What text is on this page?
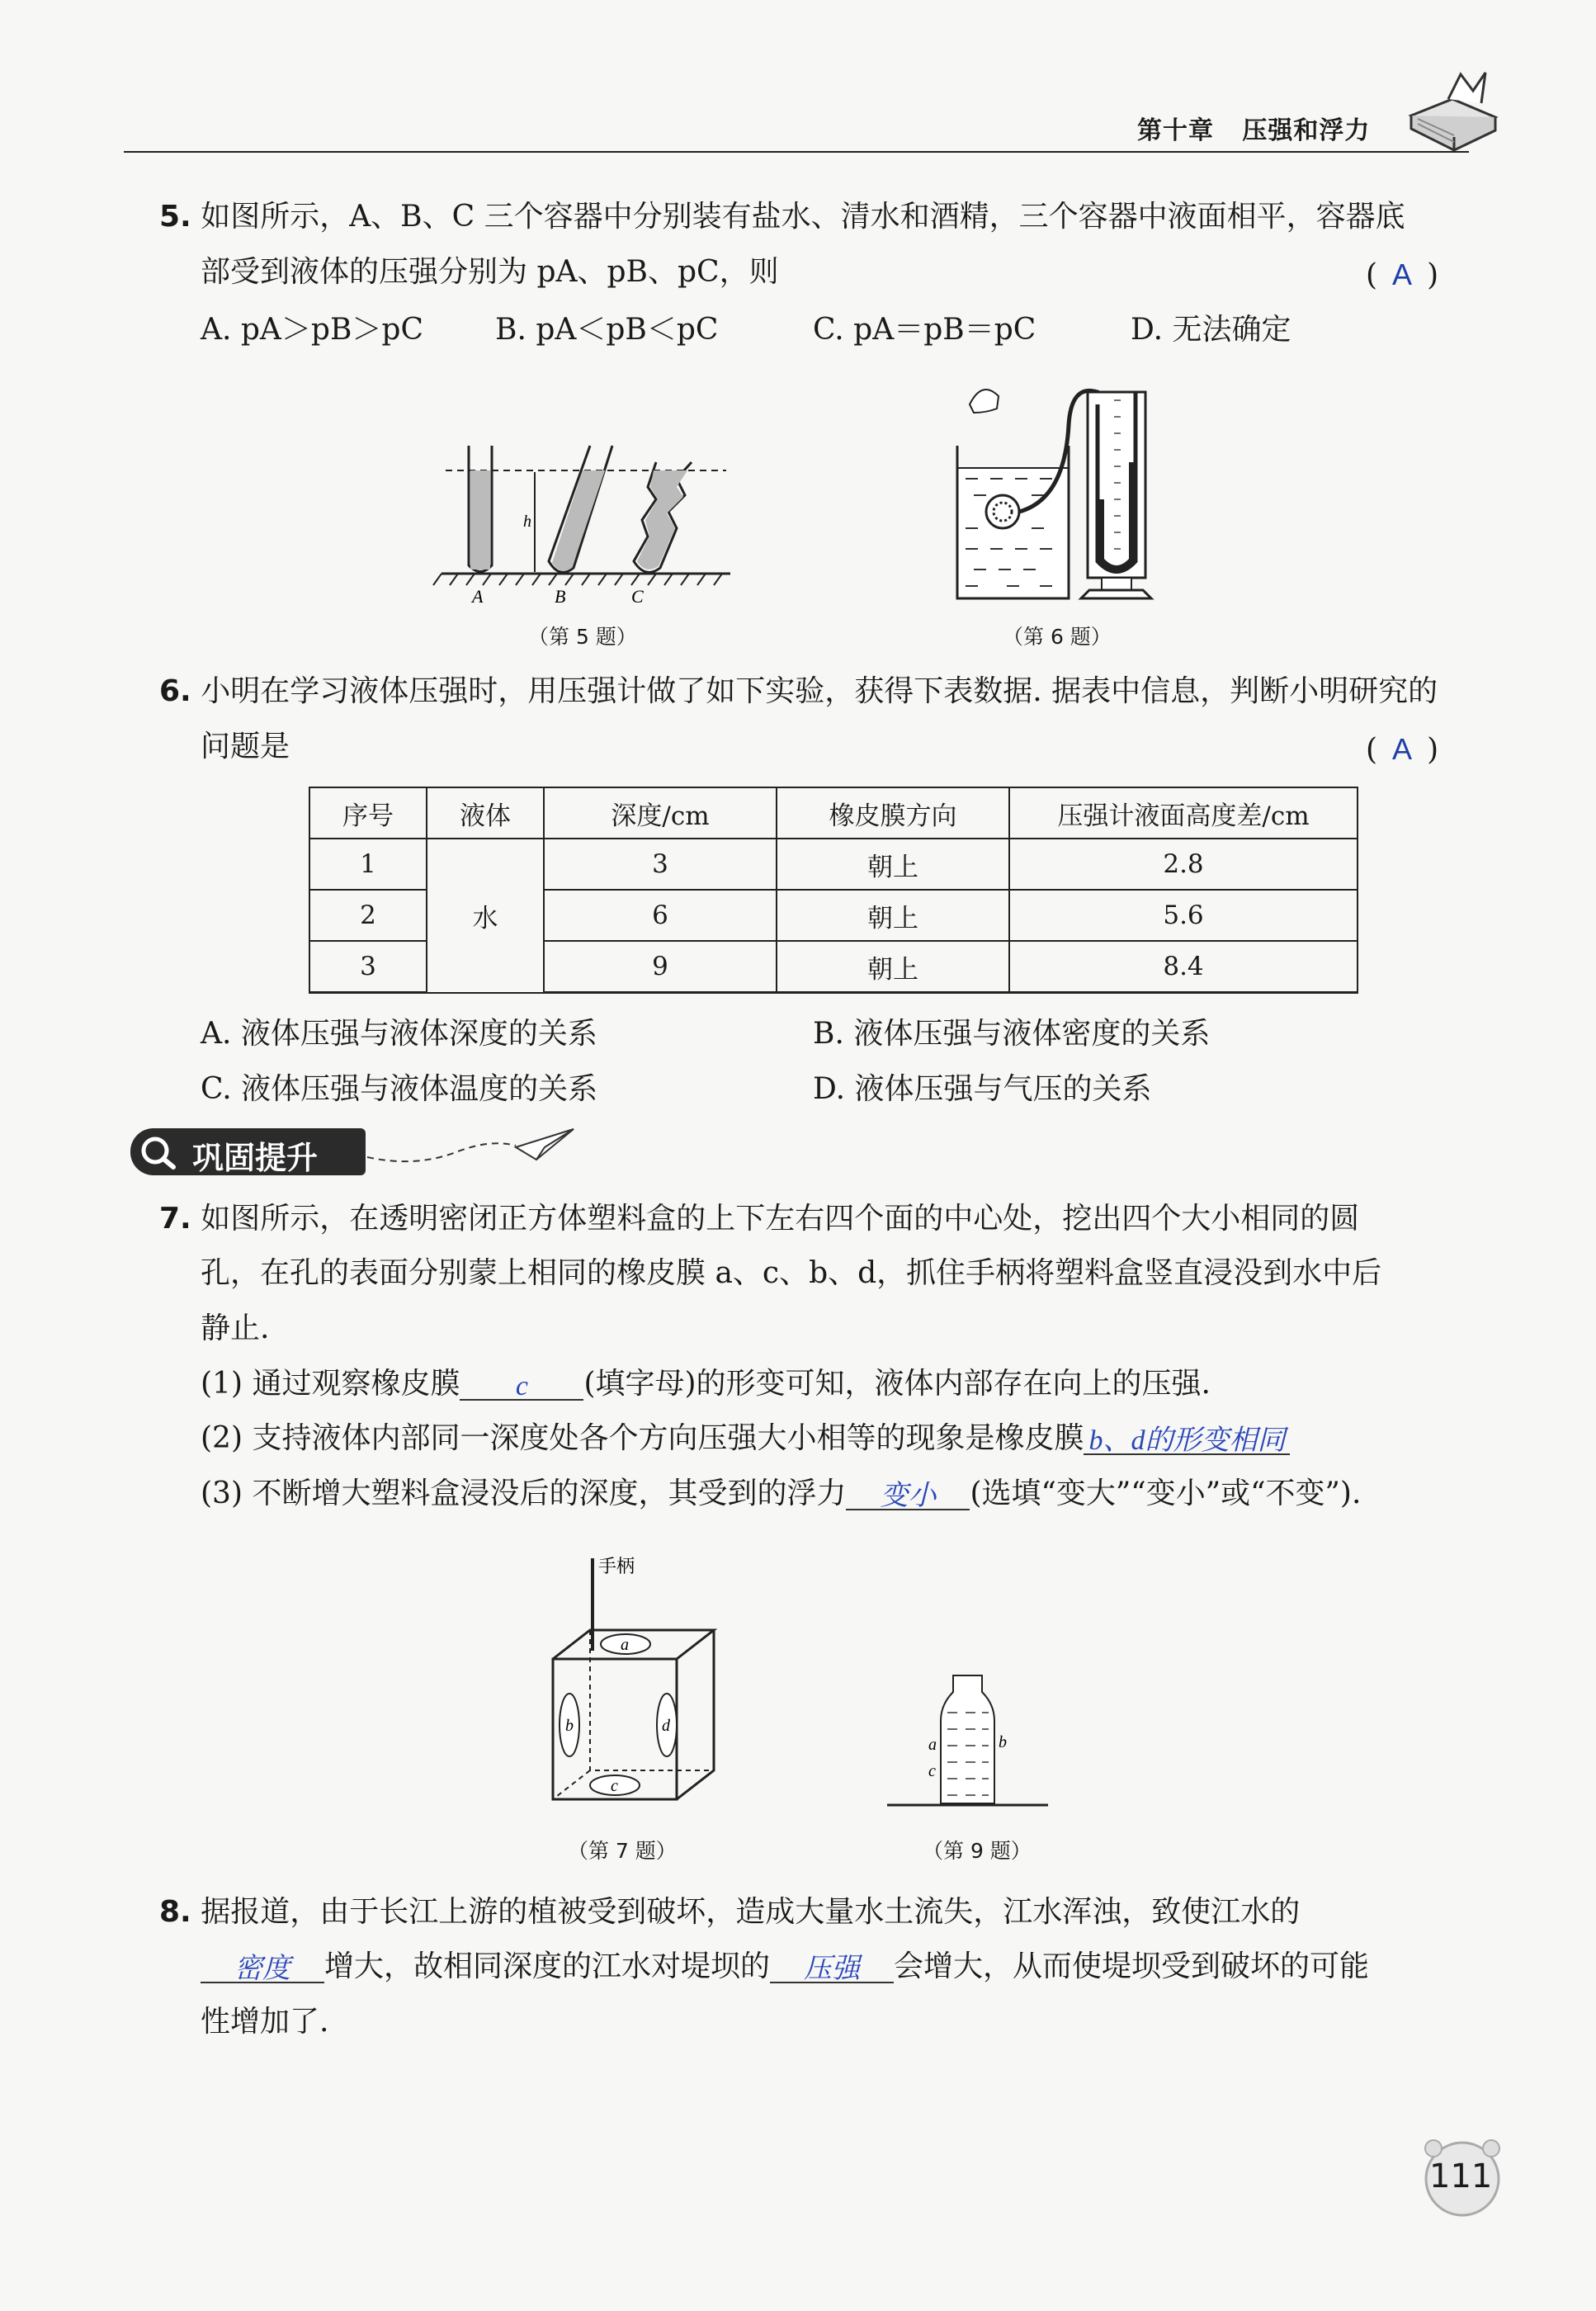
第十章 压强和浮力
5. 如图所示，A、B、C 三个容器中分别装有盐水、清水和酒精，三个容器中液面相平，容器底
部受到液体的压强分别为 pA、pB、pC，则	( A )
A. pA＞pB＞pC B. pA＜pB＜pC	C. pA＝pB＝pC	D. 无法确定
h
A	B	C
（第 5 题）	（第 6 题）
6. 小明在学习液体压强时，用压强计做了如下实验，获得下表数据. 据表中信息，判断小明研究的
问题是	( A )
序号	液体	深度/cm	橡皮膜方向	压强计液面高度差/cm
1	水	3	朝上	2.8
2		6	朝上	5.6
3		9	朝上	8.4
A. 液体压强与液体深度的关系	B. 液体压强与液体密度的关系
C. 液体压强与液体温度的关系	D. 液体压强与气压的关系
巩固提升
7. 如图所示，在透明密闭正方体塑料盒的上下左右四个面的中心处，挖出四个大小相同的圆
孔，在孔的表面分别蒙上相同的橡皮膜 a、c、b、d，抓住手柄将塑料盒竖直浸没到水中后
静止.
(1) 通过观察橡皮膜 c (填字母)的形变可知，液体内部存在向上的压强.
(2) 支持液体内部同一深度处各个方向压强大小相等的现象是橡皮膜 b、d的形变相同
(3) 不断增大塑料盒浸没后的深度，其受到的浮力 变小 (选填“变大”“变小”或“不变”).
手柄
a
b
c
d
（第 7 题）
a	b
c
（第 9 题）
8. 据报道，由于长江上游的植被受到破坏，造成大量水土流失，江水浑浊，致使江水的
密度 增大，故相同深度的江水对堤坝的 压强 会增大，从而使堤坝受到破坏的可能
性增加了.
111
